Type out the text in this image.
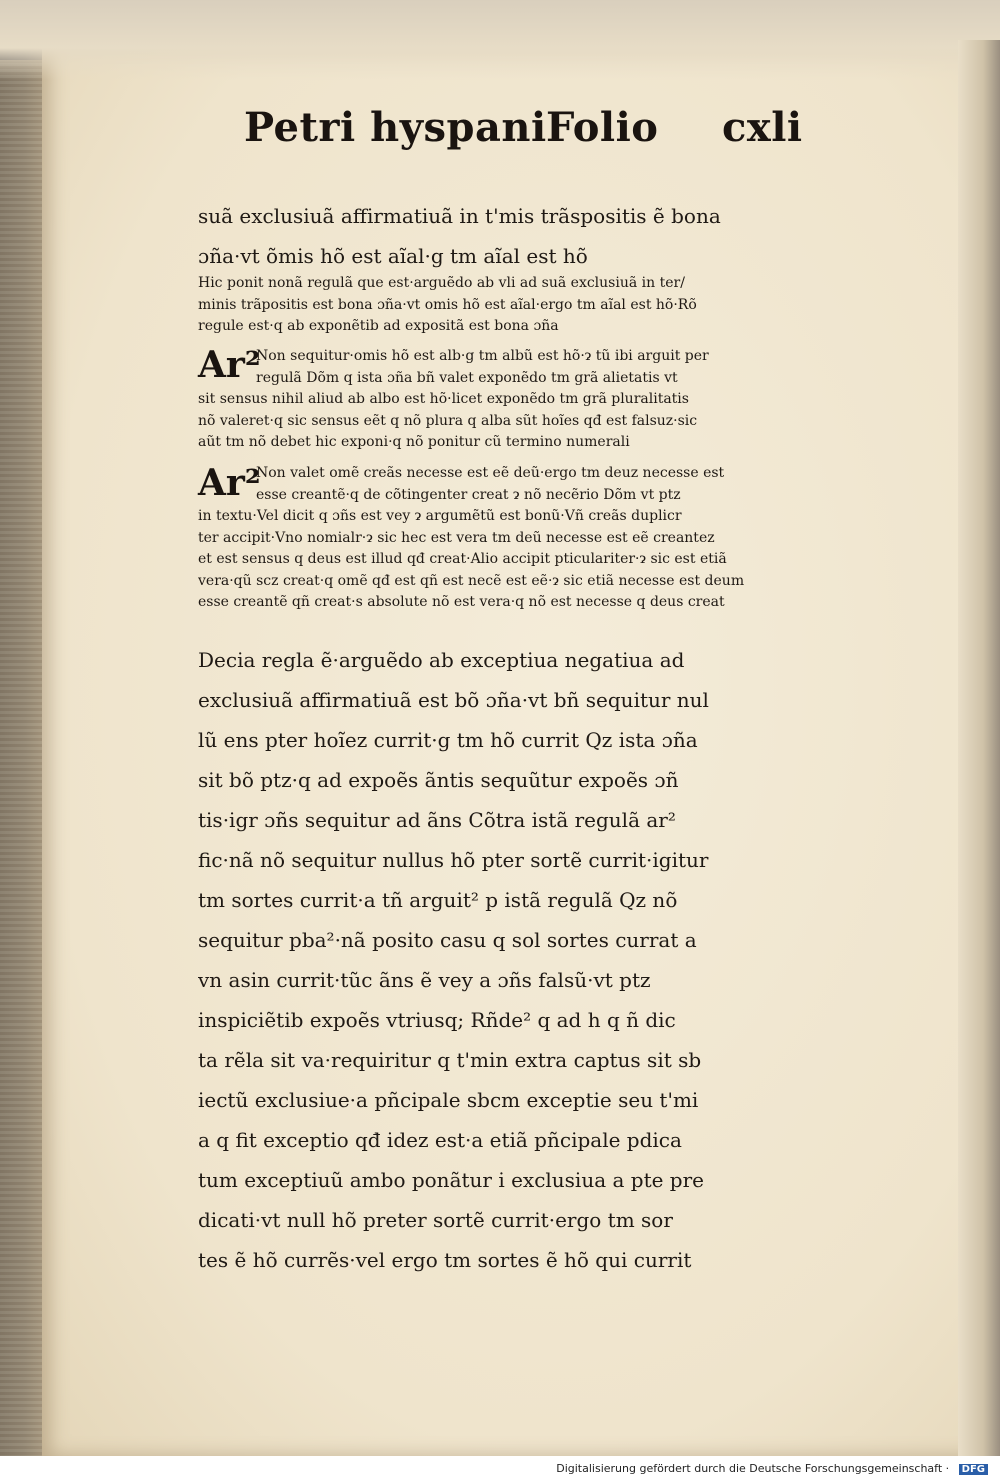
Petri hyspani Folio cxli

suã exclusiuã affirmatiuã in t'mis trãspositis ẽ bona

ɔña·vt õmis hõ est aĩal·g tm aĩal est hõ

Hic ponit nonã regulã que est·arguẽdo ab vli ad suã exclusiuã in ter/

minis trãpositis est bona ɔña·vt omis hõ est aĩal·ergo tm aĩal est hõ·Rõ

regule est·q ab exponẽtib ad expositã est bona ɔña

Ar²

Non sequitur·omis hõ est alb·g tm albũ est hõ·ɂ tũ ibi arguit per

regulã Dõm q ista ɔña bñ valet exponẽdo tm grã alietatis vt

sit sensus nihil aliud ab albo est hõ·licet exponẽdo tm grã pluralitatis

nõ valeret·q sic sensus eẽt q nõ plura q alba sũt hoĩes qđ est falsuz·sic

aũt tm nõ debet hic exponi·q nõ ponitur cũ termino numerali

Ar²

Non valet omẽ creãs necesse est eẽ deũ·ergo tm deuz necesse est

esse creantẽ·q de cõtingenter creat ɂ nõ necẽrio Dõm vt ptz

in textu·Vel dicit q ɔñs est vey ɂ argumẽtũ est bonũ·Vñ creãs duplicr

ter accipit·Vno nomialr·ɂ sic hec est vera tm deũ necesse est eẽ creantez

et est sensus q deus est illud qđ creat·Alio accipit pticulariter·ɂ sic est etiã

vera·qũ scz creat·q omẽ qđ est qñ est necẽ est eẽ·ɂ sic etiã necesse est deum

esse creantẽ qñ creat·s absolute nõ est vera·q nõ est necesse q deus creat

Decia regla ẽ·arguẽdo ab exceptiua negatiua ad

exclusiuã affirmatiuã est bõ ɔña·vt bñ sequitur nul

lũ ens pter hoĩez currit·g tm hõ currit Qz ista ɔña

sit bõ ptz·q ad expoẽs ãntis sequũtur expoẽs ɔñ

tis·igr ɔñs sequitur ad ãns Cõtra istã regulã ar²

fic·nã nõ sequitur nullus hõ pter sortẽ currit·igitur

tm sortes currit·a tñ arguit² p istã regulã Qz nõ

sequitur pba²·nã posito casu q sol sortes currat a

vn asin currit·tũc ãns ẽ vey a ɔñs falsũ·vt ptz

inspiciẽtib expoẽs vtriusq; Rñde² q ad h q ñ dic

ta rẽla sit va·requiritur q t'min extra captus sit sb

iectũ exclusiue·a pñcipale sbcm exceptie seu t'mi

a q fit exceptio qđ idez est·a etiã pñcipale pdica

tum exceptiuũ ambo ponãtur i exclusiua a pte pre

dicati·vt null hõ preter sortẽ currit·ergo tm sor

tes ẽ hõ currẽs·vel ergo tm sortes ẽ hõ qui currit

Digitalisierung gefördert durch die Deutsche Forschungsgemeinschaft · DFG
